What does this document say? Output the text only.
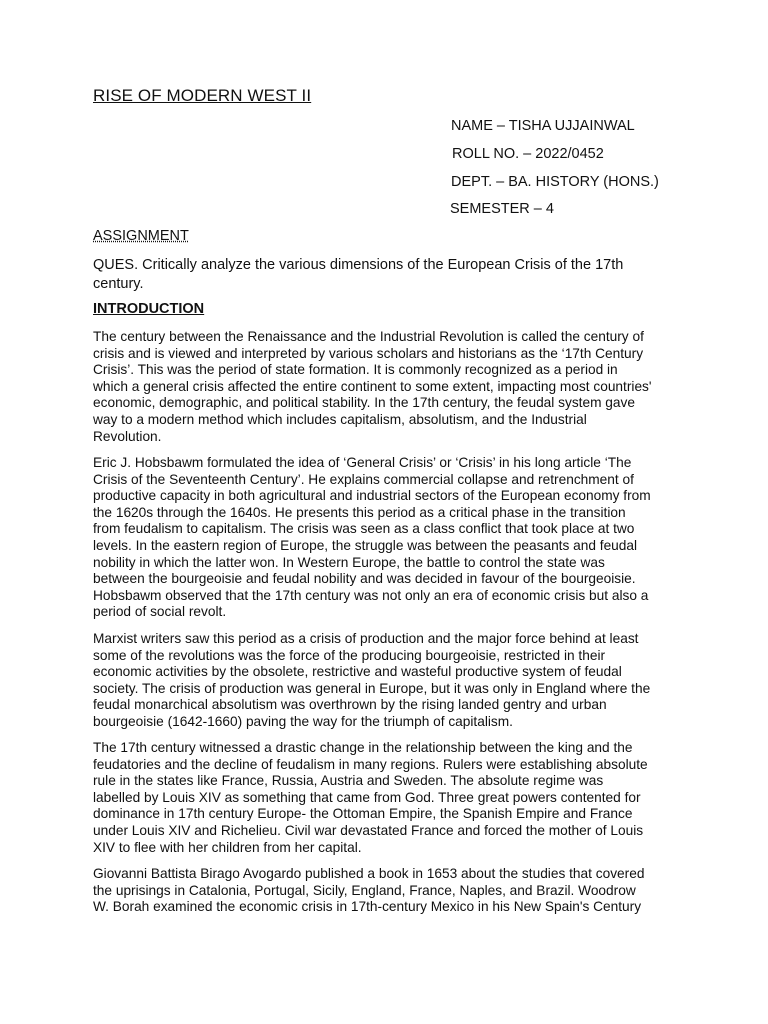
RISE OF MODERN WEST II
NAME – TISHA UJJAINWAL
ROLL NO. – 2022/0452
DEPT. – BA. HISTORY (HONS.)
SEMESTER – 4
ASSIGNMENT
QUES. Critically analyze the various dimensions of the European Crisis of the 17th
century.
INTRODUCTION
The century between the Renaissance and the Industrial Revolution is called the century of
crisis and is viewed and interpreted by various scholars and historians as the ‘17th Century
Crisis’. This was the period of state formation. It is commonly recognized as a period in
which a general crisis affected the entire continent to some extent, impacting most countries'
economic, demographic, and political stability. In the 17th century, the feudal system gave
way to a modern method which includes capitalism, absolutism, and the Industrial
Revolution.
Eric J. Hobsbawm formulated the idea of ‘General Crisis’ or ‘Crisis’ in his long article ‘The
Crisis of the Seventeenth Century’. He explains commercial collapse and retrenchment of
productive capacity in both agricultural and industrial sectors of the European economy from
the 1620s through the 1640s. He presents this period as a critical phase in the transition
from feudalism to capitalism. The crisis was seen as a class conflict that took place at two
levels. In the eastern region of Europe, the struggle was between the peasants and feudal
nobility in which the latter won. In Western Europe, the battle to control the state was
between the bourgeoisie and feudal nobility and was decided in favour of the bourgeoisie.
Hobsbawm observed that the 17th century was not only an era of economic crisis but also a
period of social revolt.
Marxist writers saw this period as a crisis of production and the major force behind at least
some of the revolutions was the force of the producing bourgeoisie, restricted in their
economic activities by the obsolete, restrictive and wasteful productive system of feudal
society. The crisis of production was general in Europe, but it was only in England where the
feudal monarchical absolutism was overthrown by the rising landed gentry and urban
bourgeoisie (1642-1660) paving the way for the triumph of capitalism.
The 17th century witnessed a drastic change in the relationship between the king and the
feudatories and the decline of feudalism in many regions. Rulers were establishing absolute
rule in the states like France, Russia, Austria and Sweden. The absolute regime was
labelled by Louis XIV as something that came from God. Three great powers contented for
dominance in 17th century Europe- the Ottoman Empire, the Spanish Empire and France
under Louis XIV and Richelieu. Civil war devastated France and forced the mother of Louis
XIV to flee with her children from her capital.
Giovanni Battista Birago Avogardo published a book in 1653 about the studies that covered
the uprisings in Catalonia, Portugal, Sicily, England, France, Naples, and Brazil. Woodrow
W. Borah examined the economic crisis in 17th-century Mexico in his New Spain's Century
